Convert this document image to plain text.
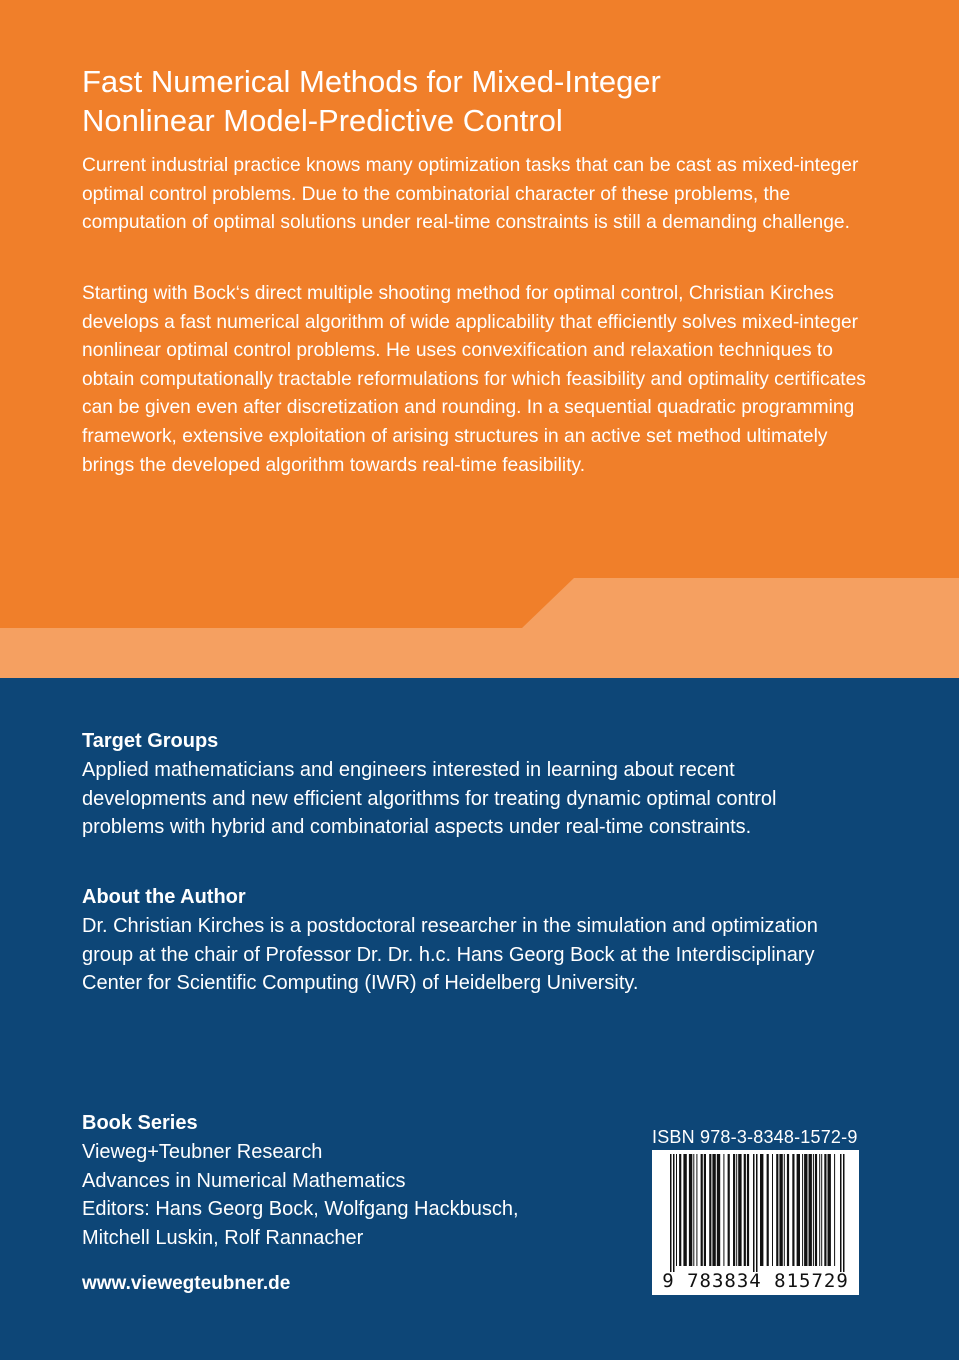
Fast Numerical Methods for Mixed-Integer
Nonlinear Model-Predictive Control

Current industrial practice knows many optimization tasks that can be cast as mixed-integer optimal control problems. Due to the combinatorial character of these problems, the computation of optimal solutions under real-time constraints is still a demanding challenge.

Starting with Bock‘s direct multiple shooting method for optimal control, Christian Kirches develops a fast numerical algorithm of wide applicability that efficiently solves mixed-integer nonlinear optimal control problems. He uses convexification and relaxation techniques to obtain computationally tractable reformulations for which feasibility and optimality certificates can be given even after discretization and rounding. In a sequential quadratic programming framework, extensive exploitation of arising structures in an active set method ultimately brings the developed algorithm towards real-time feasibility.

Target Groups

Applied mathematicians and engineers interested in learning about recent developments and new efficient algorithms for treating dynamic optimal control problems with hybrid and combinatorial aspects under real-time constraints.

About the Author

Dr. Christian Kirches is a postdoctoral researcher in the simulation and optimization group at the chair of Professor Dr. Dr. h.c. Hans Georg Bock at the Interdisciplinary Center for Scientific Computing (IWR) of Heidelberg University.

Book Series
Vieweg+Teubner Research
Advances in Numerical Mathematics
Editors: Hans Georg Bock, Wolfgang Hackbusch,
Mitchell Luskin, Rolf Rannacher
www.viewegteubner.de
ISBN 978-3-8348-1572-9
9 783834 815729
